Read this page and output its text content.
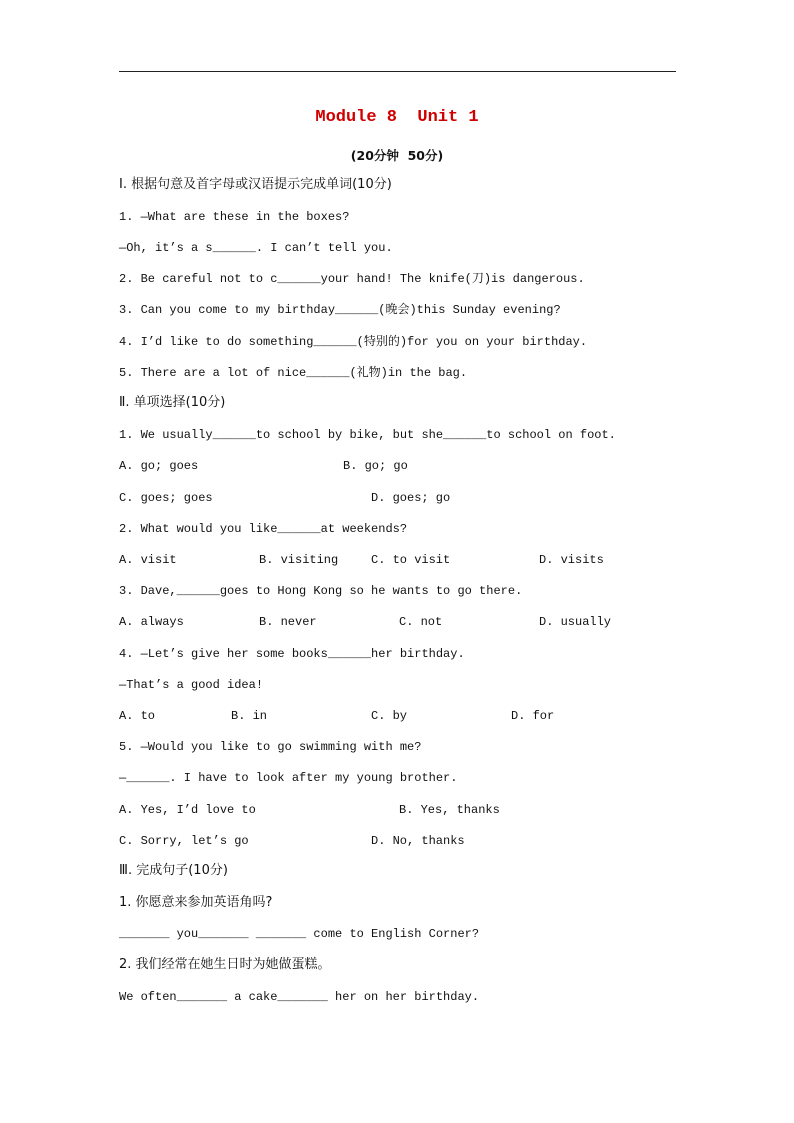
Module 8  Unit 1
(20分钟  50分)
Ⅰ. 根据句意及首字母或汉语提示完成单词(10分)
1. —What are these in the boxes?
—Oh, it’s a s______. I can’t tell you.
2. Be careful not to c______your hand! The knife(刀)is dangerous.
3. Can you come to my birthday______(晚会)this Sunday evening?
4. I’d like to do something______(特别的)for you on your birthday.
5. There are a lot of nice______(礼物)in the bag.
Ⅱ. 单项选择(10分)
1. We usually______to school by bike, but she______to school on foot.
A. go; goes	B. go; go
C. goes; goes	D. goes; go
2. What would you like______at weekends?
A. visit	B. visiting	C. to visit	D. visits
3. Dave,______goes to Hong Kong so he wants to go there.
A. always	B. never	C. not	D. usually
4. —Let’s give her some books______her birthday.
—That’s a good idea!
A. to	B. in	C. by	D. for
5. —Would you like to go swimming with me?
—______. I have to look after my young brother.
A. Yes, I’d love to	B. Yes, thanks
C. Sorry, let’s go	D. No, thanks
Ⅲ. 完成句子(10分)
1. 你愿意来参加英语角吗?
_______ you_______ _______ come to English Corner?
2. 我们经常在她生日时为她做蛋糕。
We often_______ a cake_______ her on her birthday.
